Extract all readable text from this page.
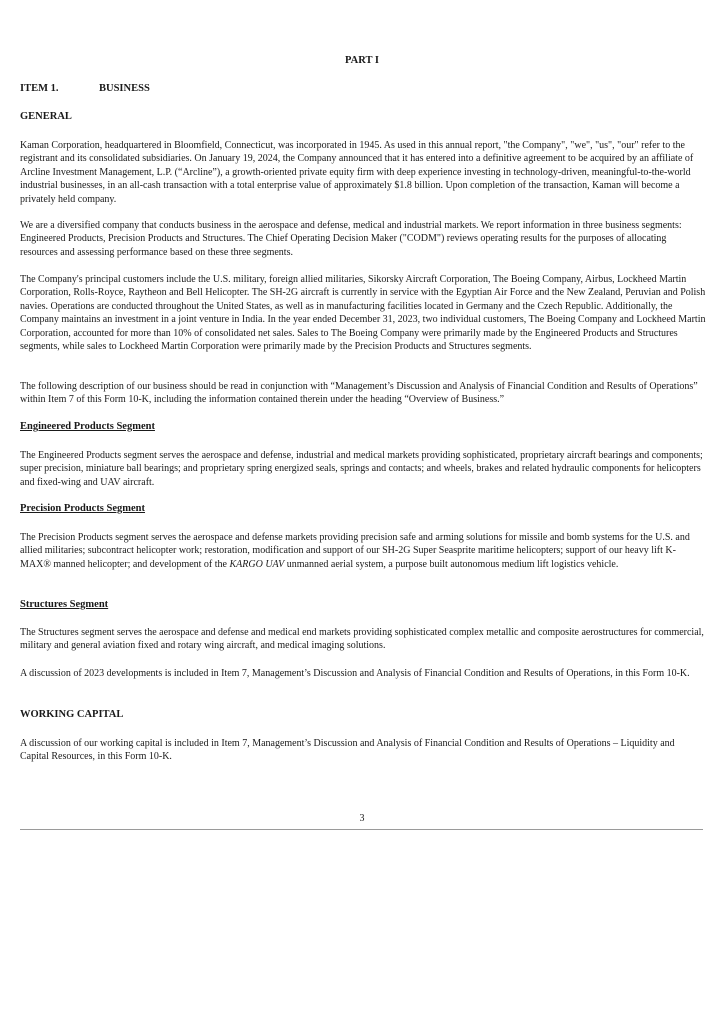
PART I
ITEM 1.	BUSINESS
GENERAL

Kaman Corporation, headquartered in Bloomfield, Connecticut, was incorporated in 1945. As used in this annual report, "the Company", "we", "us", "our" refer to the registrant and its consolidated subsidiaries. On January 19, 2024, the Company announced that it has entered into a definitive agreement to be acquired by an affiliate of Arcline Investment Management, L.P. (“Arcline”), a growth-oriented private equity firm with deep experience investing in technology-driven, meaningful-to-the-world industrial businesses, in an all-cash transaction with a total enterprise value of approximately $1.8 billion. Upon completion of the transaction, Kaman will become a privately held company.

We are a diversified company that conducts business in the aerospace and defense, medical and industrial markets. We report information in three business segments: Engineered Products, Precision Products and Structures. The Chief Operating Decision Maker ("CODM") reviews operating results for the purposes of allocating resources and assessing performance based on these three segments.

The Company's principal customers include the U.S. military, foreign allied militaries, Sikorsky Aircraft Corporation, The Boeing Company, Airbus, Lockheed Martin Corporation, Rolls-Royce, Raytheon and Bell Helicopter. The SH-2G aircraft is currently in service with the Egyptian Air Force and the New Zealand, Peruvian and Polish navies. Operations are conducted throughout the United States, as well as in manufacturing facilities located in Germany and the Czech Republic. Additionally, the Company maintains an investment in a joint venture in India. In the year ended December 31, 2023, two individual customers, The Boeing Company and Lockheed Martin Corporation, accounted for more than 10% of consolidated net sales. Sales to The Boeing Company were primarily made by the Engineered Products and Structures segments, while sales to Lockheed Martin Corporation were primarily made by the Precision Products and Structures segments.

The following description of our business should be read in conjunction with “Management’s Discussion and Analysis of Financial Condition and Results of Operations” within Item 7 of this Form 10-K, including the information contained therein under the heading “Overview of Business.”

Engineered Products Segment

The Engineered Products segment serves the aerospace and defense, industrial and medical markets providing sophisticated, proprietary aircraft bearings and components; super precision, miniature ball bearings; and proprietary spring energized seals, springs and contacts; and wheels, brakes and related hydraulic components for helicopters and fixed-wing and UAV aircraft.

Precision Products Segment

The Precision Products segment serves the aerospace and defense markets providing precision safe and arming solutions for missile and bomb systems for the U.S. and allied militaries; subcontract helicopter work; restoration, modification and support of our SH-2G Super Seasprite maritime helicopters; support of our heavy lift K-MAX® manned helicopter; and development of the KARGO UAV unmanned aerial system, a purpose built autonomous medium lift logistics vehicle.

Structures Segment

The Structures segment serves the aerospace and defense and medical end markets providing sophisticated complex metallic and composite aerostructures for commercial, military and general aviation fixed and rotary wing aircraft, and medical imaging solutions.

A discussion of 2023 developments is included in Item 7, Management’s Discussion and Analysis of Financial Condition and Results of Operations, in this Form 10-K.

WORKING CAPITAL

A discussion of our working capital is included in Item 7, Management’s Discussion and Analysis of Financial Condition and Results of Operations – Liquidity and Capital Resources, in this Form 10-K.

3
